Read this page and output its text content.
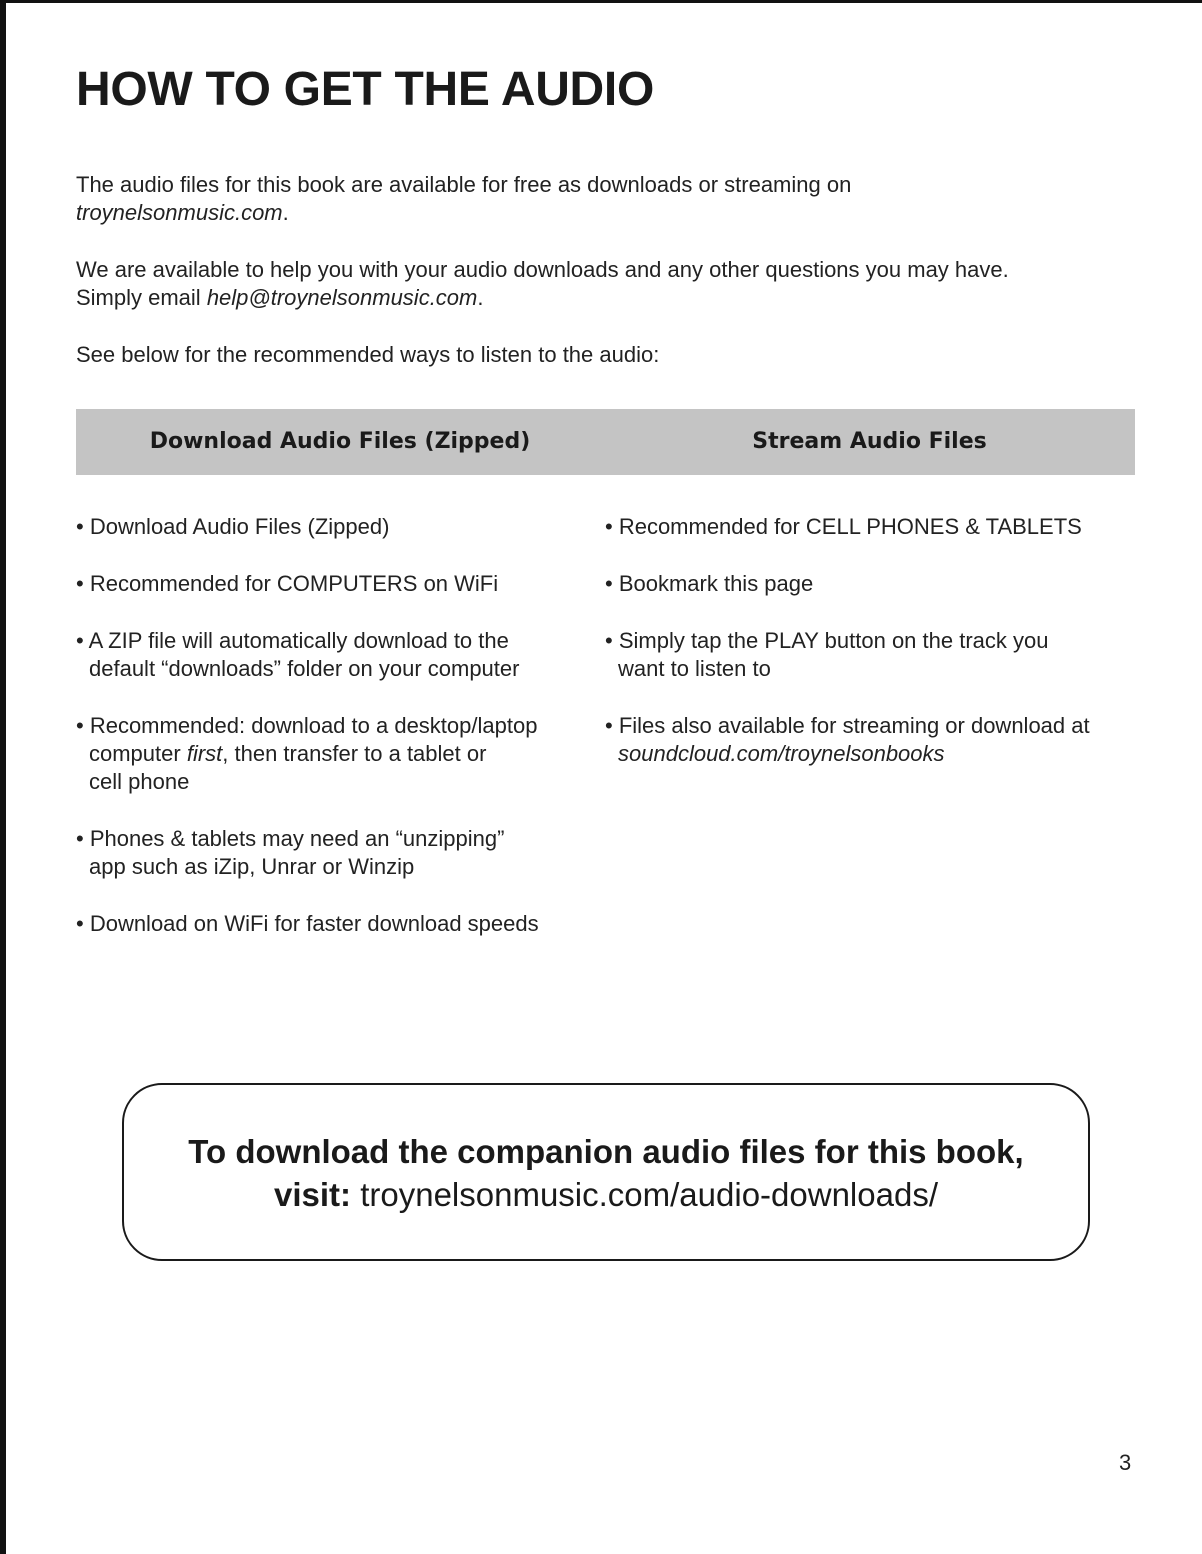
HOW TO GET THE AUDIO
The audio files for this book are available for free as downloads or streaming on
troynelsonmusic.com.
We are available to help you with your audio downloads and any other questions you may have.
Simply email help@troynelsonmusic.com.
See below for the recommended ways to listen to the audio:
Download Audio Files (Zipped)	Stream Audio Files

• Download Audio Files (Zipped)

• Recommended for COMPUTERS on WiFi

• A ZIP file will automatically download to the
default “downloads” folder on your computer

• Recommended: download to a desktop/laptop
computer first, then transfer to a tablet or
cell phone

• Phones & tablets may need an “unzipping”
app such as iZip, Unrar or Winzip

• Download on WiFi for faster download speeds

• Recommended for CELL PHONES & TABLETS

• Bookmark this page

• Simply tap the PLAY button on the track you
want to listen to

• Files also available for streaming or download at
soundcloud.com/troynelsonbooks

To download the companion audio files for this book,
visit: troynelsonmusic.com/audio-downloads/
3
